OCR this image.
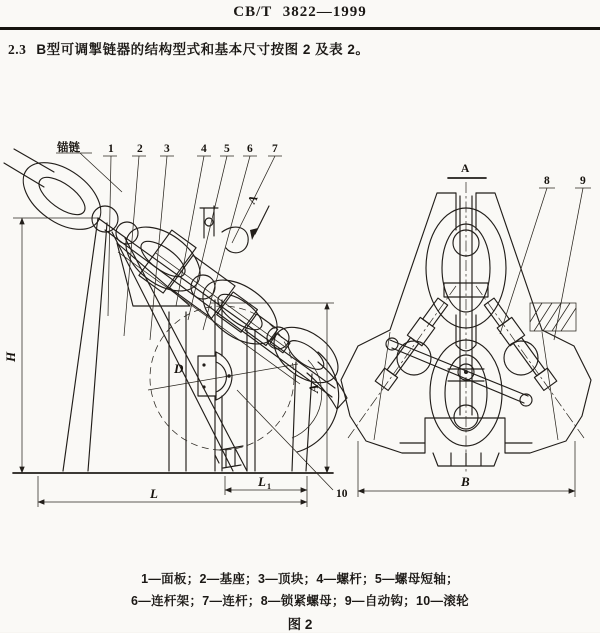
CB/T 3822—1999
2.3 B型可调掣链器的结构型式和基本尺寸按图 2 及表 2。
D
H
A
L 1
L
锚链 1 2 3	4 5 6 7
10
A
A
B
8	9
1—面板；2—基座；3—顶块；4—螺杆；5—螺母短轴；
6—连杆架；7—连杆；8—锁紧螺母；9—自动钩；10—滚轮
图 2
